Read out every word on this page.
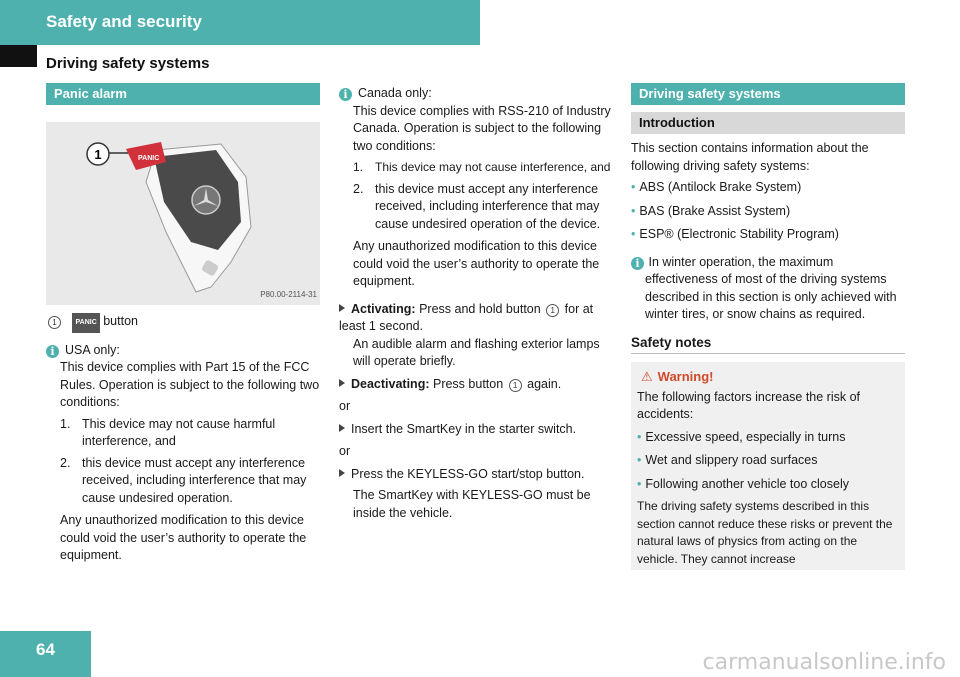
Safety and security
Driving safety systems
Panic alarm
PANIC
1
P80.00-2114-31

1	PANIC button

i USA only:

This device complies with Part 15 of the FCC Rules. Operation is subject to the following two conditions:

1. This device may not cause harmful interference, and

2. this device must accept any interference received, including interference that may cause undesired operation.

Any unauthorized modification to this device could void the user’s authority to operate the equipment.

i Canada only:

This device complies with RSS-210 of Industry Canada. Operation is subject to the following two conditions:

1. This device may not cause interference, and

2. this device must accept any interference received, including interference that may cause undesired operation of the device.

Any unauthorized modification to this device could void the user’s authority to operate the equipment.

Activating: Press and hold button 1 for at least 1 second.

An audible alarm and flashing exterior lamps will operate briefly.

Deactivating: Press button 1 again.

or

Insert the SmartKey in the starter switch.

or

Press the KEYLESS-GO start/stop button.

The SmartKey with KEYLESS-GO must be inside the vehicle.

Driving safety systems
Introduction

This section contains information about the following driving safety systems:

• ABS (Antilock Brake System)

• BAS (Brake Assist System)

• ESP® (Electronic Stability Program)

i In winter operation, the maximum effectiveness of most of the driving systems described in this section is only achieved with winter tires, or snow chains as required.

Safety notes

⚠ Warning!

The following factors increase the risk of accidents:

• Excessive speed, especially in turns

• Wet and slippery road surfaces

• Following another vehicle too closely

The driving safety systems described in this section cannot reduce these risks or prevent the natural laws of physics from acting on the vehicle. They cannot increase

64
carmanualsonline.info
